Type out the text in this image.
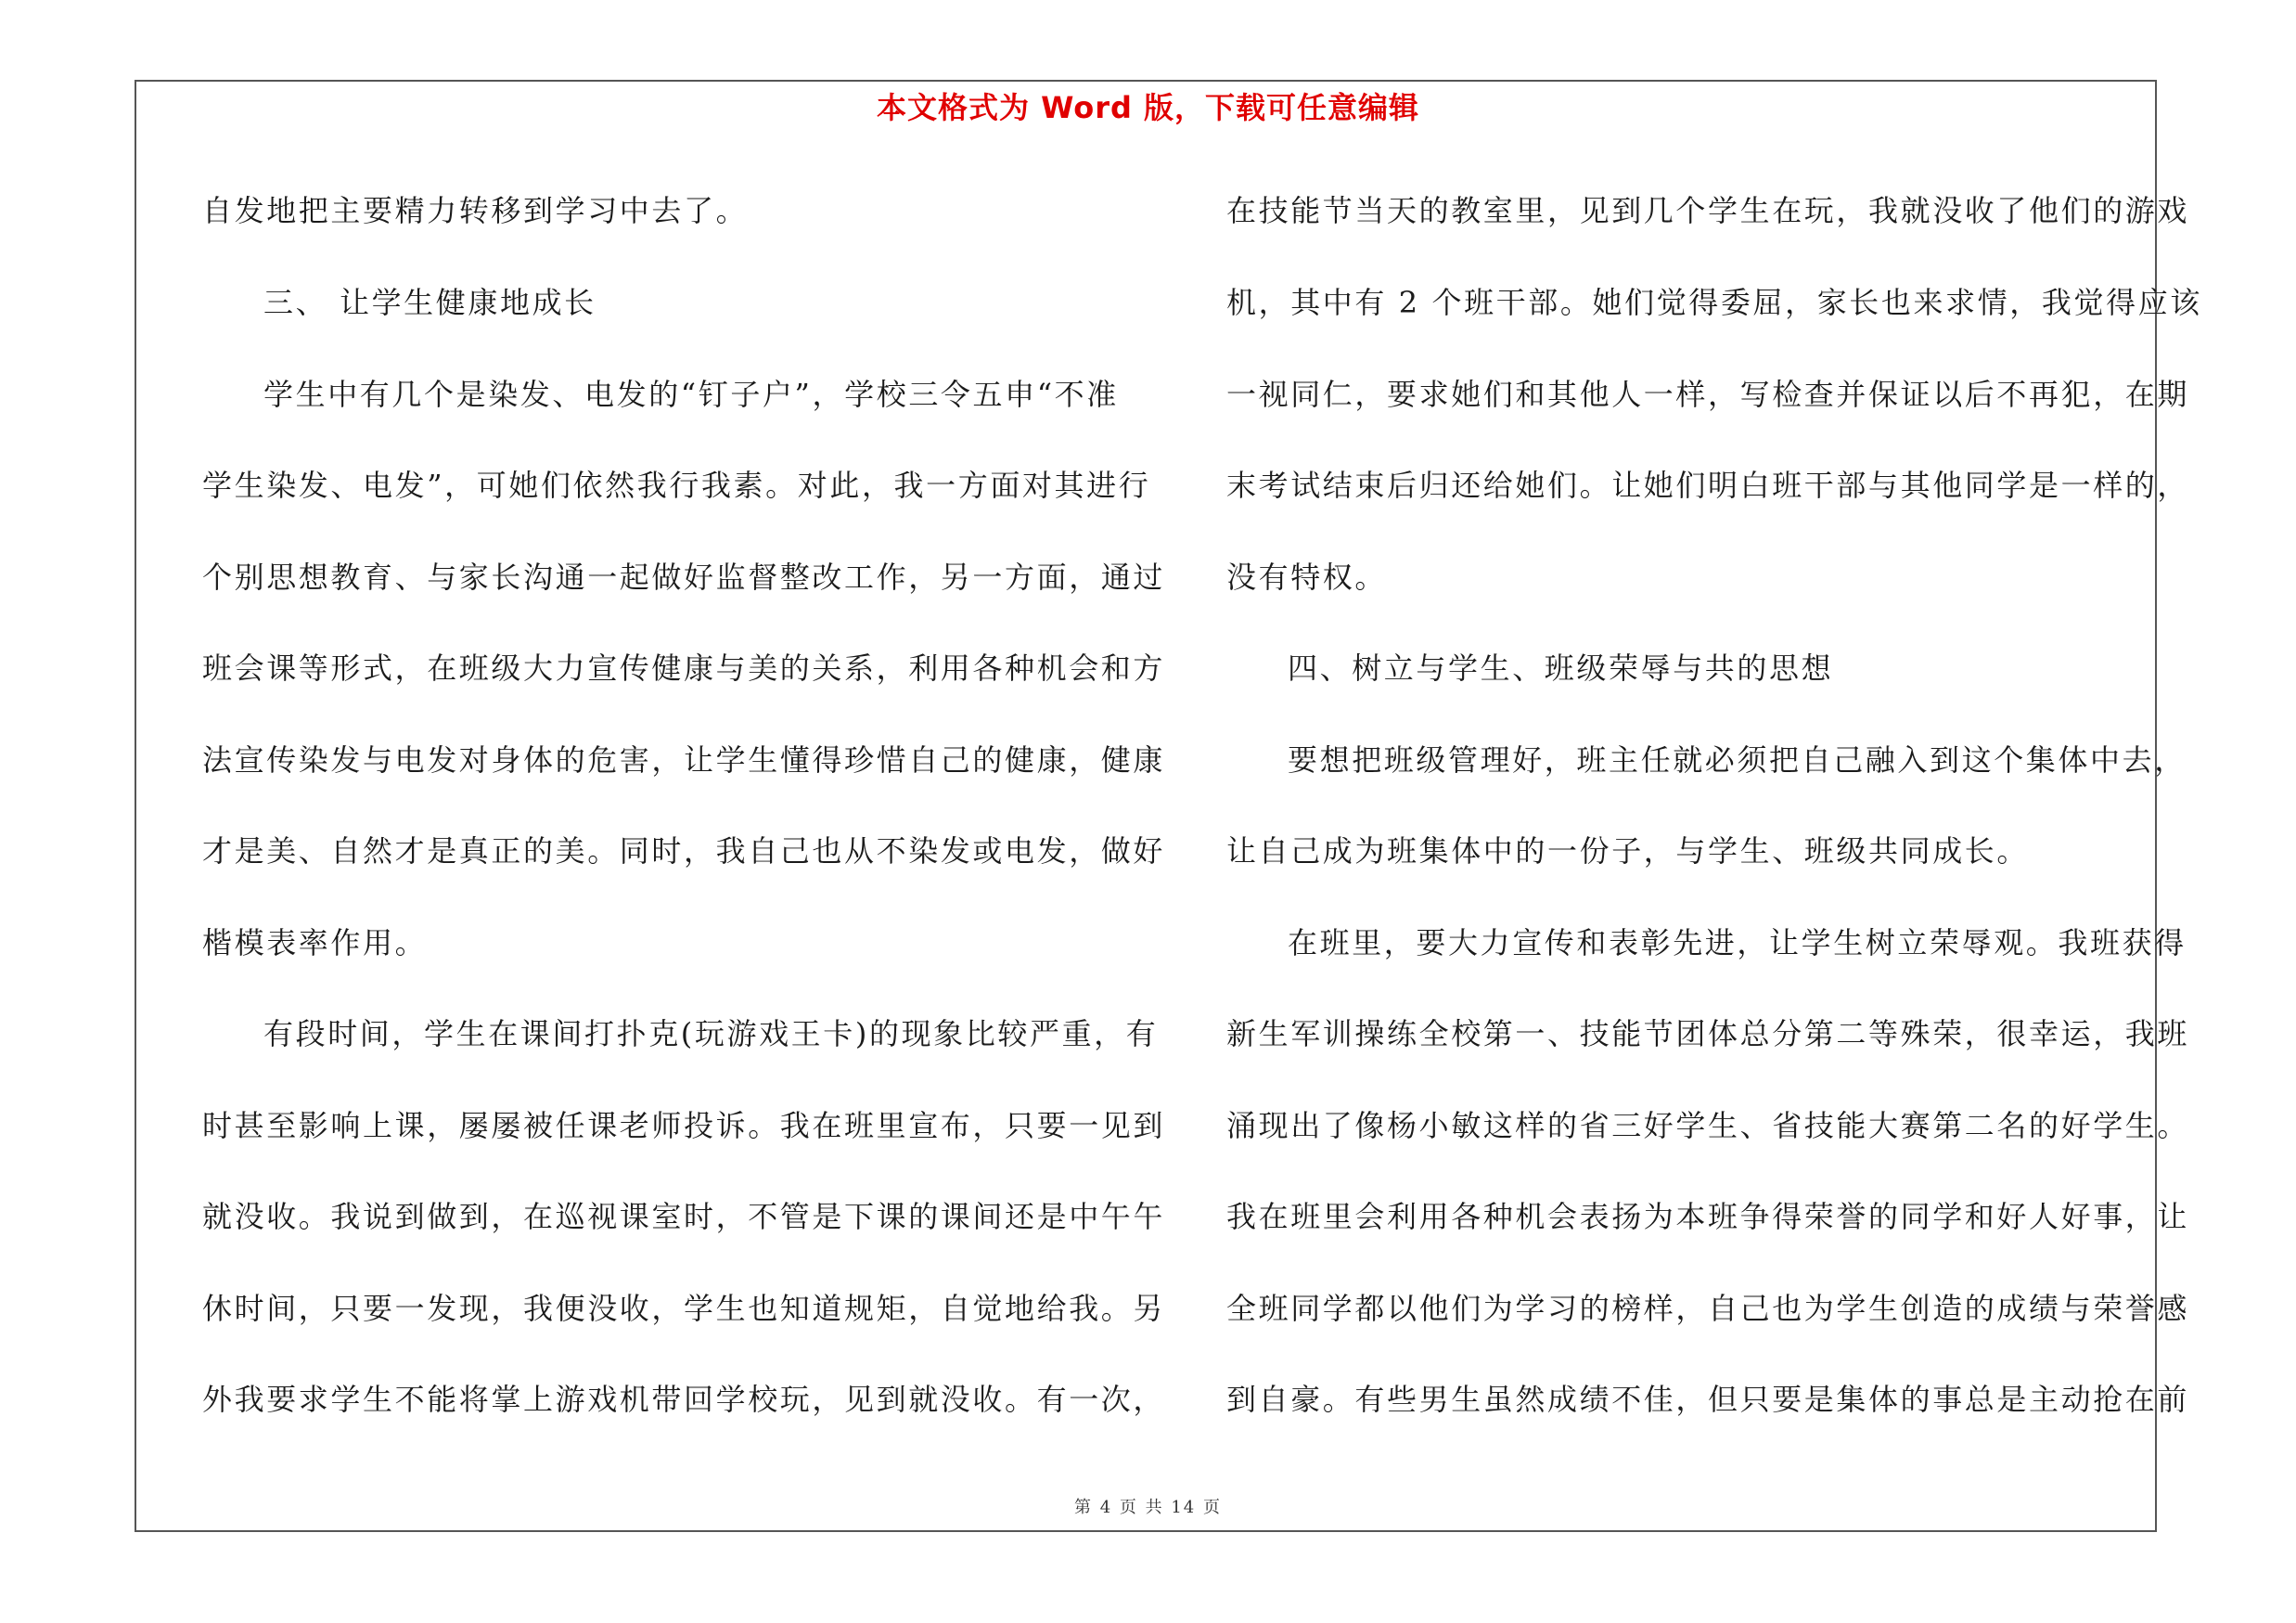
本文格式为 Word 版，下载可任意编辑
自发地把主要精力转移到学习中去了。
三、 让学生健康地成长
学生中有几个是染发、电发的“钉子户”，学校三令五申“不准
学生染发、电发”，可她们依然我行我素。对此，我一方面对其进行
个别思想教育、与家长沟通一起做好监督整改工作，另一方面，通过
班会课等形式，在班级大力宣传健康与美的关系，利用各种机会和方
法宣传染发与电发对身体的危害，让学生懂得珍惜自己的健康，健康
才是美、自然才是真正的美。同时，我自己也从不染发或电发，做好
楷模表率作用。
有段时间，学生在课间打扑克(玩游戏王卡)的现象比较严重，有
时甚至影响上课，屡屡被任课老师投诉。我在班里宣布，只要一见到
就没收。我说到做到，在巡视课室时，不管是下课的课间还是中午午
休时间，只要一发现，我便没收，学生也知道规矩，自觉地给我。另
外我要求学生不能将掌上游戏机带回学校玩，见到就没收。有一次，
在技能节当天的教室里，见到几个学生在玩，我就没收了他们的游戏
机，其中有 2 个班干部。她们觉得委屈，家长也来求情，我觉得应该
一视同仁，要求她们和其他人一样，写检查并保证以后不再犯，在期
末考试结束后归还给她们。让她们明白班干部与其他同学是一样的，
没有特权。
四、树立与学生、班级荣辱与共的思想
要想把班级管理好，班主任就必须把自己融入到这个集体中去，
让自己成为班集体中的一份子，与学生、班级共同成长。
在班里，要大力宣传和表彰先进，让学生树立荣辱观。我班获得
新生军训操练全校第一、技能节团体总分第二等殊荣，很幸运，我班
涌现出了像杨小敏这样的省三好学生、省技能大赛第二名的好学生。
我在班里会利用各种机会表扬为本班争得荣誉的同学和好人好事，让
全班同学都以他们为学习的榜样，自己也为学生创造的成绩与荣誉感
到自豪。有些男生虽然成绩不佳，但只要是集体的事总是主动抢在前
第 4 页 共 14 页
